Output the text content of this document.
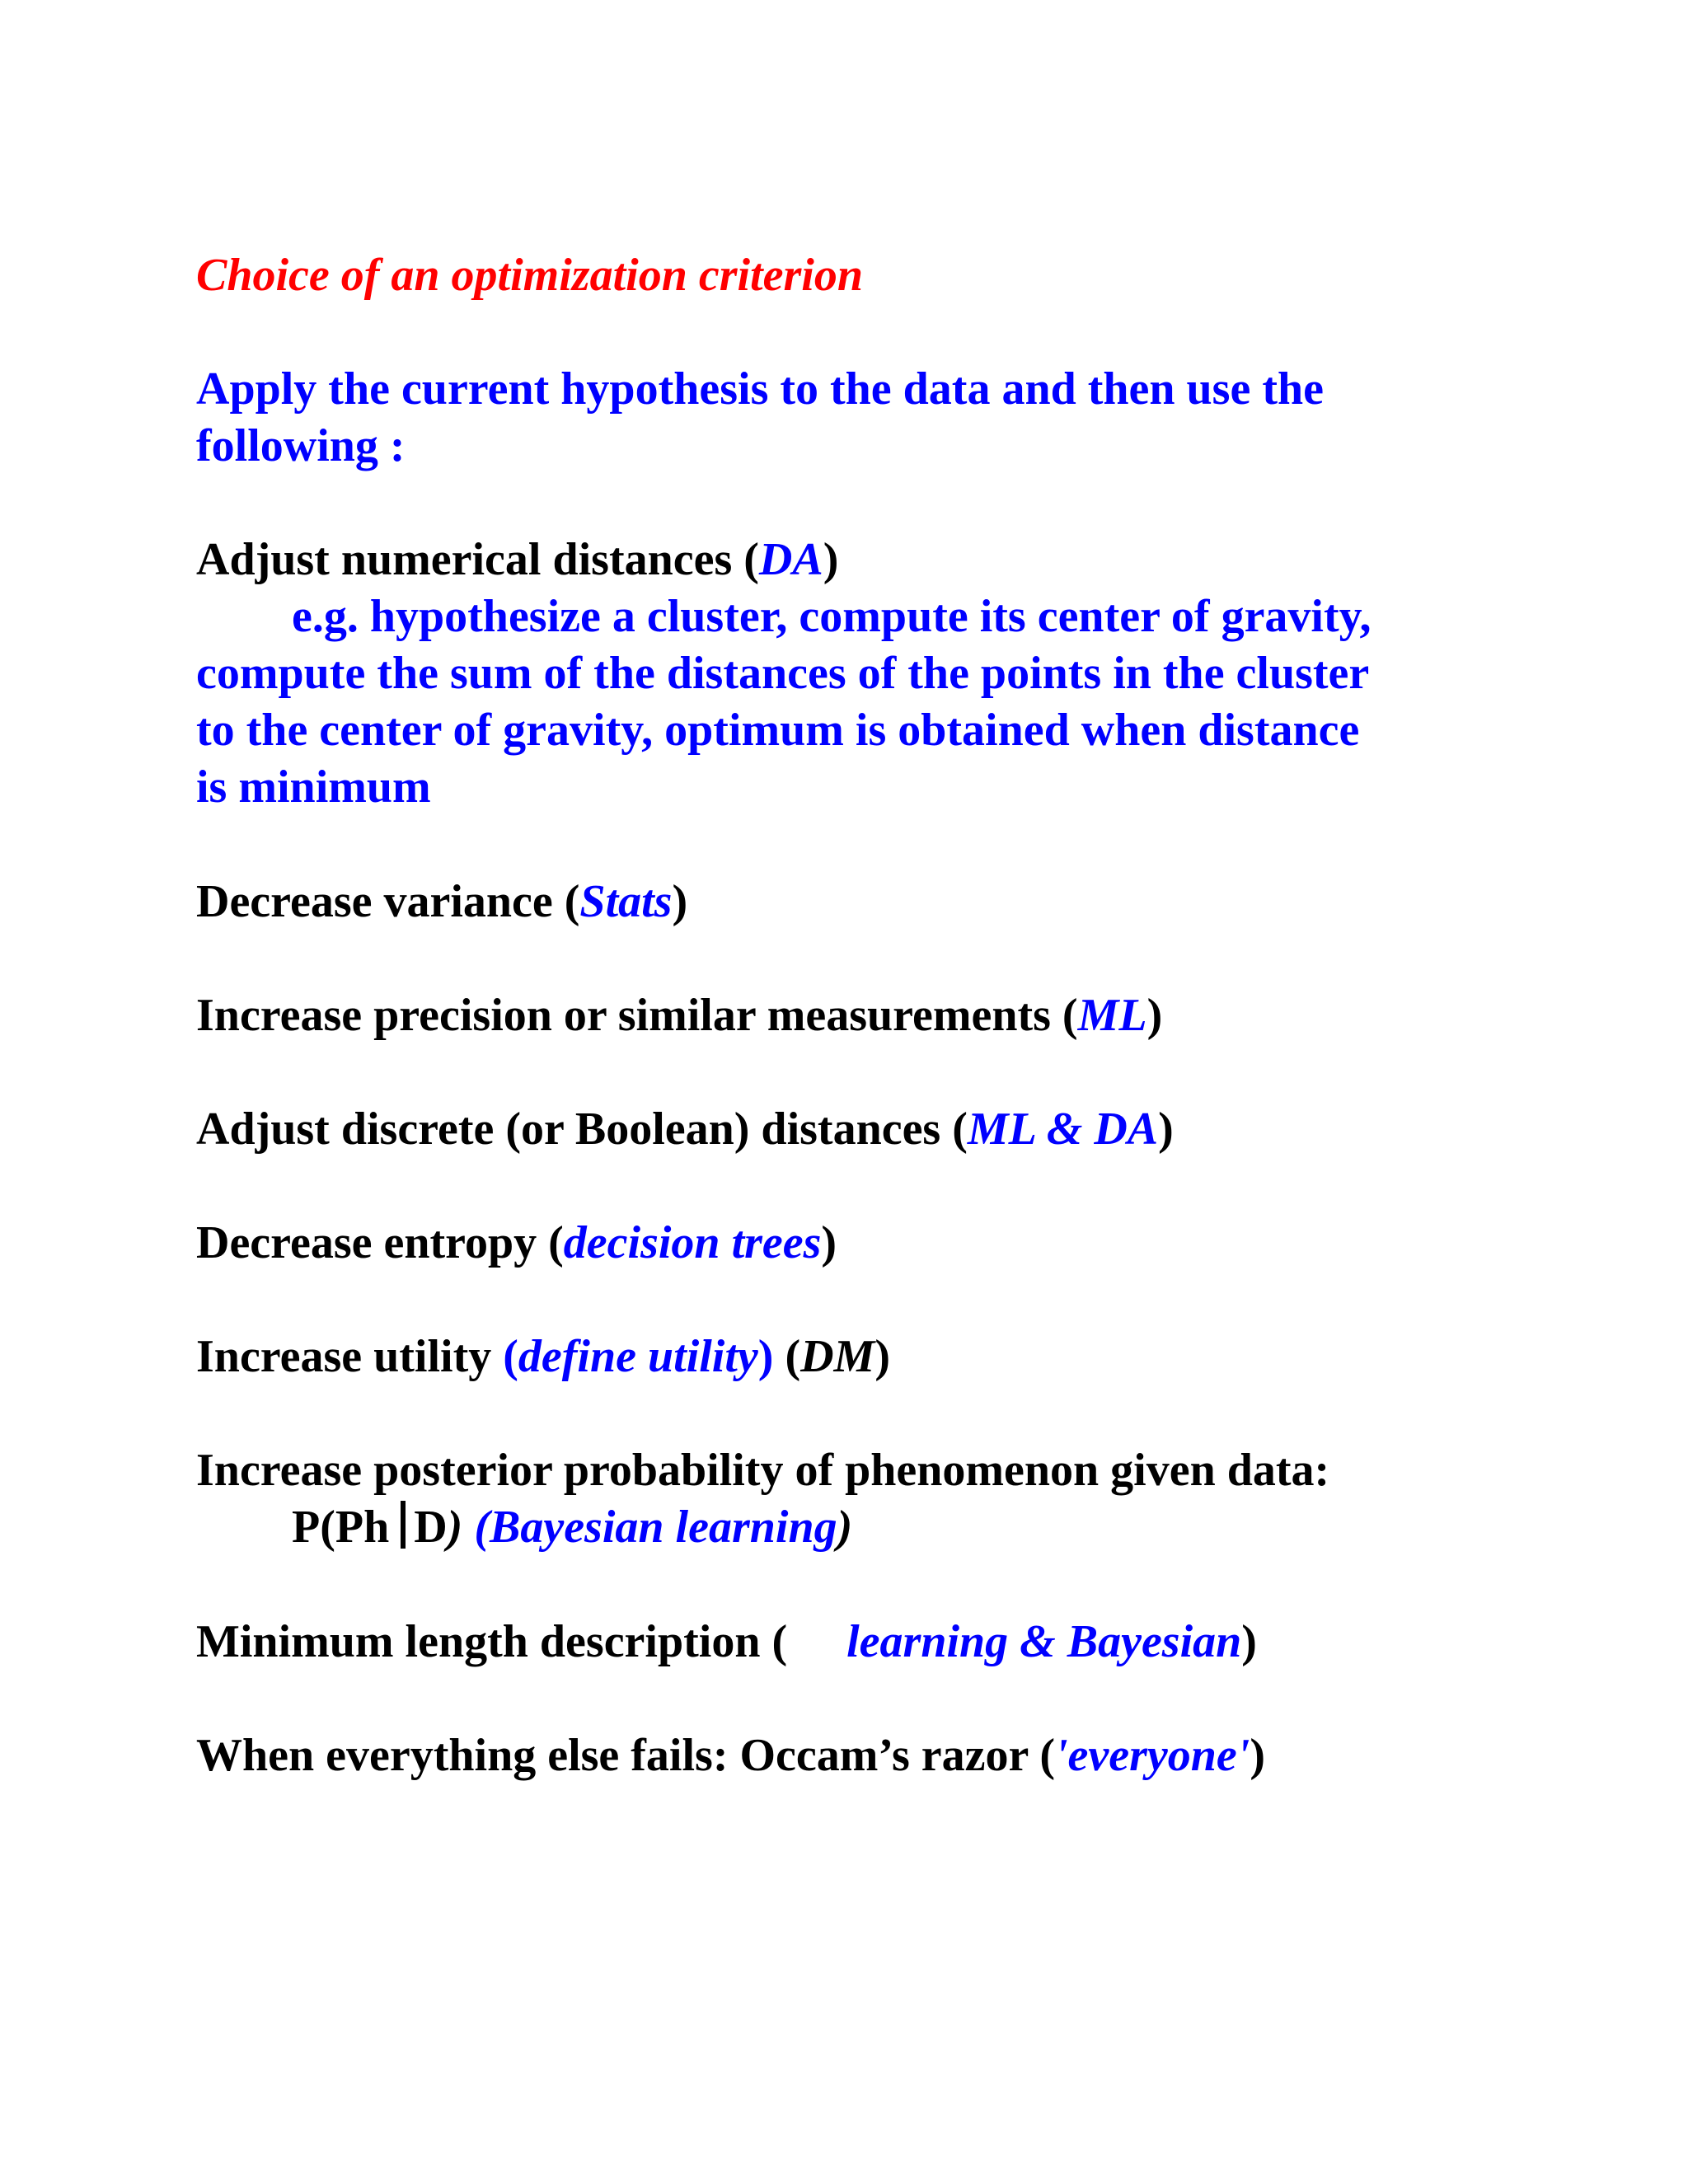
Choice of an optimization criterion
Apply the current hypothesis to the data and then use the
following :
Adjust numerical distances (DA)
e.g. hypothesize a cluster, compute its center of gravity,
compute the sum of the distances of the points in the cluster
to the center of gravity, optimum is obtained when distance
is minimum
Decrease variance (Stats)
Increase precision or similar measurements (ML)
Adjust discrete (or Boolean) distances (ML & DA)
Decrease entropy (decision trees)
Increase utility (define utility) (DM)
Increase posterior probability of phenomenon given data:
P(Ph D) (Bayesian learning)
Minimum length description ( learning & Bayesian)
When everything else fails: Occam’s razor ('everyone')
